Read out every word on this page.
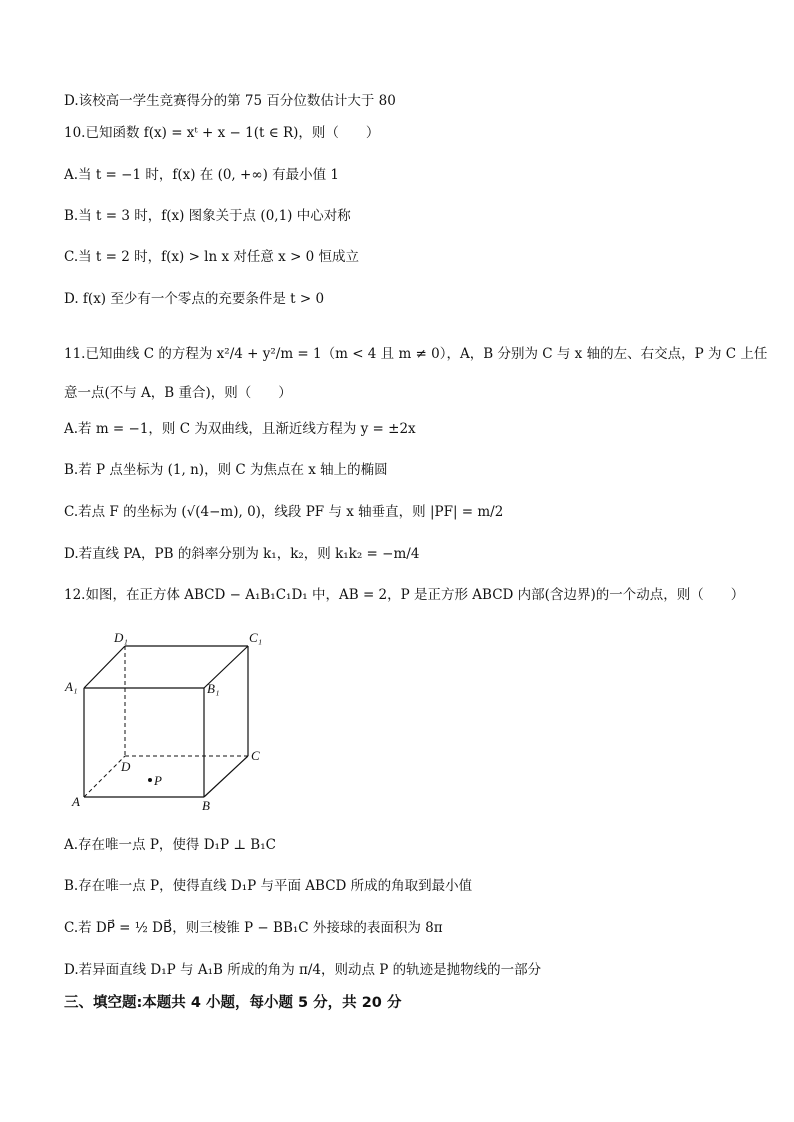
D.该校高一学生竞赛得分的第 75 百分位数估计大于 80
10.已知函数 f(x) = xᵗ + x − 1(t ∈ R)，则（　　）
A.当 t = −1 时，f(x) 在 (0, +∞) 有最小值 1
B.当 t = 3 时，f(x) 图象关于点 (0,1) 中心对称
C.当 t = 2 时，f(x) > ln x 对任意 x > 0 恒成立
D. f(x) 至少有一个零点的充要条件是 t > 0
11.已知曲线 C 的方程为 x²/4 + y²/m = 1（m < 4 且 m ≠ 0），A，B 分别为 C 与 x 轴的左、右交点，P 为 C 上任
意一点(不与 A，B 重合)，则（　　）
A.若 m = −1，则 C 为双曲线，且渐近线方程为 y = ±2x
B.若 P 点坐标为 (1, n)，则 C 为焦点在 x 轴上的椭圆
C.若点 F 的坐标为 (√(4−m), 0)，线段 PF 与 x 轴垂直，则 |PF| = m/2
D.若直线 PA，PB 的斜率分别为 k₁，k₂，则 k₁k₂ = −m/4
12.如图，在正方体 ABCD − A₁B₁C₁D₁ 中，AB = 2，P 是正方形 ABCD 内部(含边界)的一个动点，则（　　）
D₁	C₁
A₁	B₁
D
C
A	B
P
A.存在唯一点 P，使得 D₁P ⊥ B₁C
B.存在唯一点 P，使得直线 D₁P 与平面 ABCD 所成的角取到最小值
C.若 DP⃗ = ½ DB⃗，则三棱锥 P − BB₁C 外接球的表面积为 8π
D.若异面直线 D₁P 与 A₁B 所成的角为 π/4，则动点 P 的轨迹是抛物线的一部分
三、填空题:本题共 4 小题，每小题 5 分，共 20 分
